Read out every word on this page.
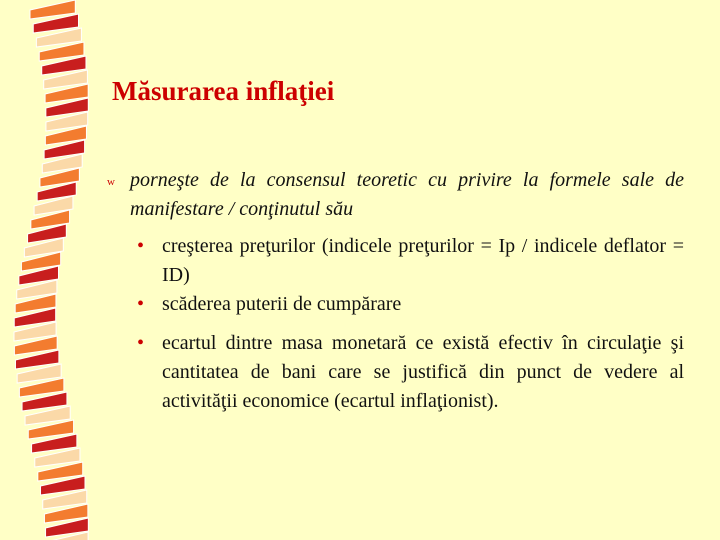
Măsurarea inflaţiei
w porneşte de la consensul teoretic cu privire la formele sale de manifestare / conţinutul său
• creşterea preţurilor (indicele preţurilor = Ip / indicele deflator = ID)
• scăderea puterii de cumpărare
• ecartul dintre masa monetară ce există efectiv în circulaţie şi cantitatea de bani care se justifică din punct de vedere al activităţii economice (ecartul inflaţionist).
